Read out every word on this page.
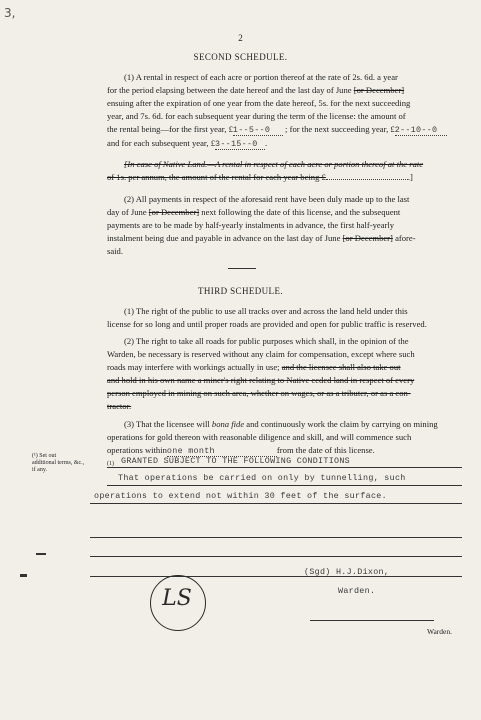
3,
2
SECOND SCHEDULE.
(1) A rental in respect of each acre or portion thereof at the rate of 2s. 6d. a year
for the period elapsing between the date hereof and the last day of June [or December]
ensuing after the expiration of one year from the date hereof, 5s. for the next succeeding
year, and 7s. 6d. for each subsequent year during the term of the license: the amount of
the rental being—for the first year, £1--5--0 ; for the next succeeding year, £2--10--0
and for each subsequent year, £3--15--0 .
[In case of Native Land.—A rental in respect of each acre or portion thereof at the rate
of 1s. per annum, the amount of the rental for each year being £	.]
(2) All payments in respect of the aforesaid rent have been duly made up to the last
day of June [or December] next following the date of this license, and the subsequent
payments are to be made by half-yearly instalments in advance, the first half-yearly
instalment being due and payable in advance on the last day of June [or December] afore-
said.
THIRD SCHEDULE.
(1) The right of the public to use all tracks over and across the land held under this
license for so long and until proper roads are provided and open for public traffic is reserved.
(2) The right to take all roads for public purposes which shall, in the opinion of the
Warden, be necessary is reserved without any claim for compensation, except where such
roads may interfere with workings actually in use; and the licensee shall also take out
and hold in his own name a miner's right relating to Native ceded land in respect of every
person employed in mining on such area, whether on wages, or as a tributer, or as a con-
tractor.
(3) That the licensee will bona fide and continuously work the claim by carrying on mining
operations for gold thereon with reasonable diligence and skill, and will commence such
operations withinone month	from the date of this license.
(¹) Set out
additional terms, &c.,
if any.
(1) GRANTED SUBJECT TO THE FOLLOWING CONDITIONS
That operations be carried on only by tunnelling, such
operations to extend not within 30 feet of the surface.
(Sgd) H.J.Dixon,
Warden.
LS
Warden.
